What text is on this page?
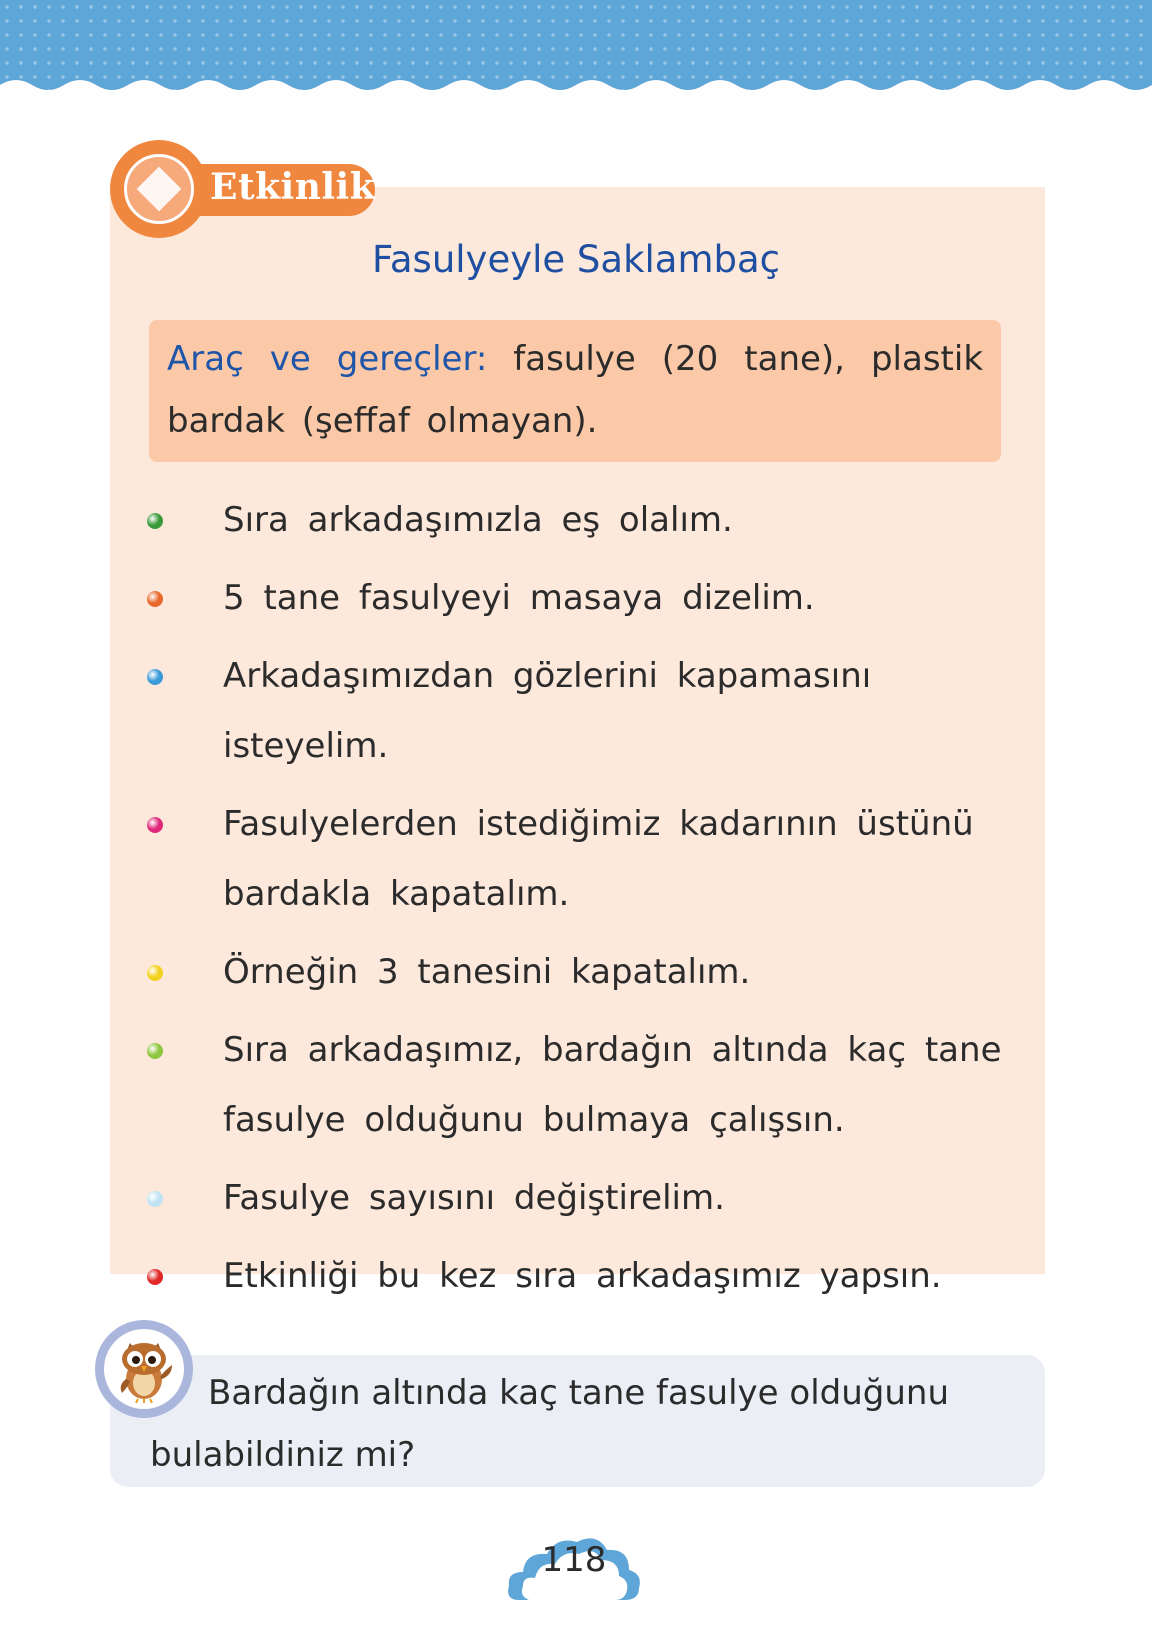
Etkinlik
Fasulyeyle Saklambaç

Araç ve gereçler: fasulye (20 tane), plastik bardak (şeffaf olmayan).

Sıra arkadaşımızla eş olalım.
5 tane fasulyeyi masaya dizelim.
Arkadaşımızdan gözlerini kapamasını isteyelim.
Fasulyelerden istediğimiz kadarının üstünü bardakla kapatalım.
Örneğin 3 tanesini kapatalım.
Sıra arkadaşımız, bardağın altında kaç tane fasulye olduğunu bulmaya çalışsın.
Fasulye sayısını değiştirelim.
Etkinliği bu kez sıra arkadaşımız yapsın.

Bardağın altında kaç tane fasulye olduğunu bulabildiniz mi?

118
